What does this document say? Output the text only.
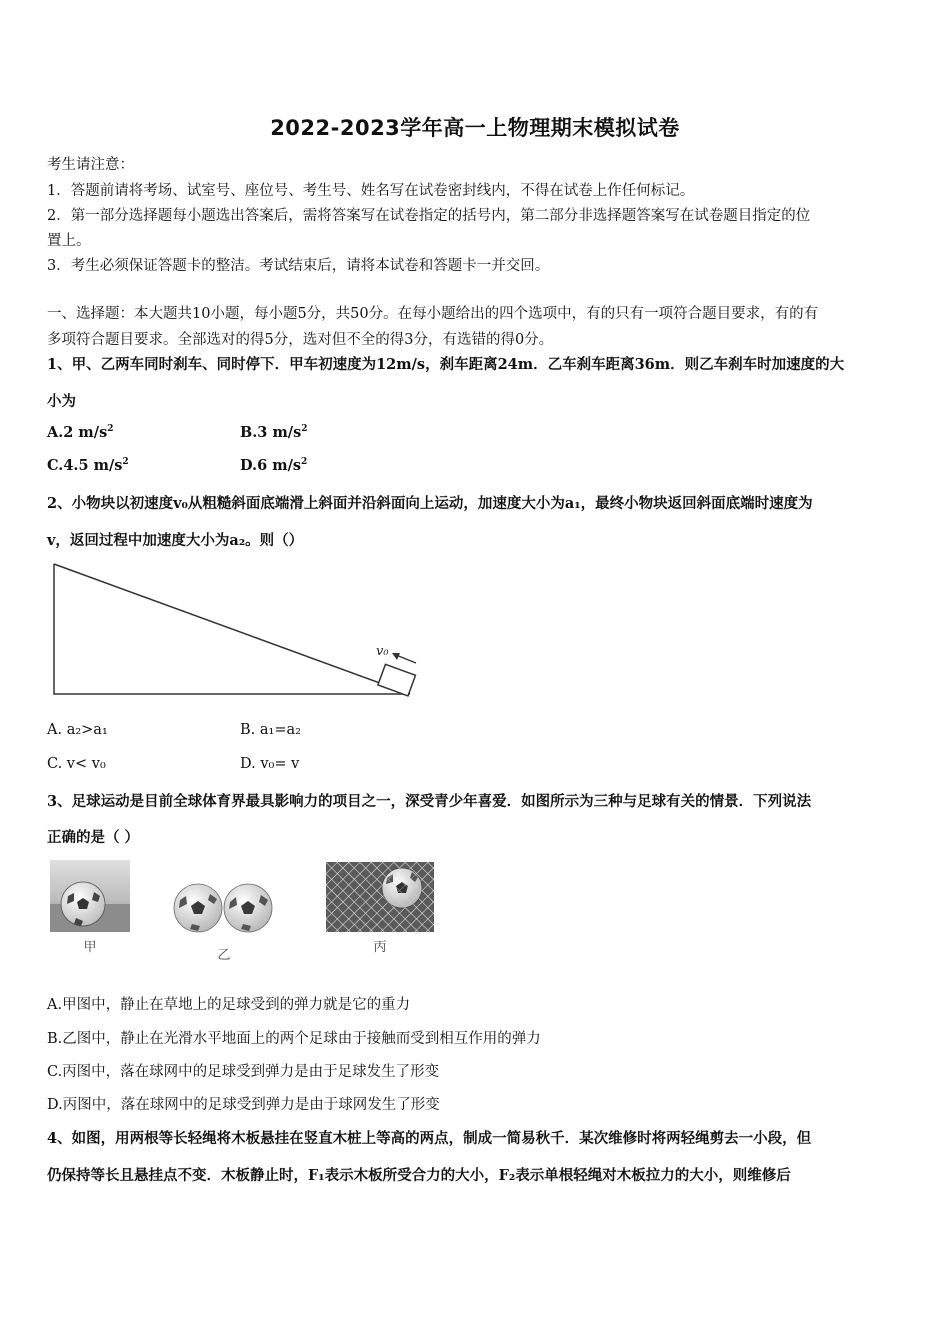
2022-2023学年高一上物理期末模拟试卷
考生请注意：
1．答题前请将考场、试室号、座位号、考生号、姓名写在试卷密封线内，不得在试卷上作任何标记。
2．第一部分选择题每小题选出答案后，需将答案写在试卷指定的括号内，第二部分非选择题答案写在试卷题目指定的位
置上。
3．考生必须保证答题卡的整洁。考试结束后，请将本试卷和答题卡一并交回。
一、选择题：本大题共10小题，每小题5分，共50分。在每小题给出的四个选项中，有的只有一项符合题目要求，有的有
多项符合题目要求。全部选对的得5分，选对但不全的得3分，有选错的得0分。
1、甲、乙两车同时刹车、同时停下．甲车初速度为12m/s，刹车距离24m．乙车刹车距离36m．则乙车刹车时加速度的大
小为
A.2 $m/s^2$	B.3 $m/s^2$
C.4.5 $m/s^2$	D.6 $m/s^2$
2、小物块以初速度v₀从粗糙斜面底端滑上斜面并沿斜面向上运动，加速度大小为a₁，最终小物块返回斜面底端时速度为
v，返回过程中加速度大小为a₂。则（）
v₀
A. a₂>a₁	B. a₁=a₂
C. v< v₀	D. v₀= v
3、足球运动是目前全球体育界最具影响力的项目之一，深受青少年喜爱．如图所示为三种与足球有关的情景．下列说法
正确的是（ ）
甲
乙
丙
A.甲图中，静止在草地上的足球受到的弹力就是它的重力
B.乙图中，静止在光滑水平地面上的两个足球由于接触而受到相互作用的弹力
C.丙图中，落在球网中的足球受到弹力是由于足球发生了形变
D.丙图中，落在球网中的足球受到弹力是由于球网发生了形变
4、如图，用两根等长轻绳将木板悬挂在竖直木桩上等高的两点，制成一简易秋千．某次维修时将两轻绳剪去一小段，但
仍保持等长且悬挂点不变．木板静止时，F₁表示木板所受合力的大小，F₂表示单根轻绳对木板拉力的大小，则维修后
